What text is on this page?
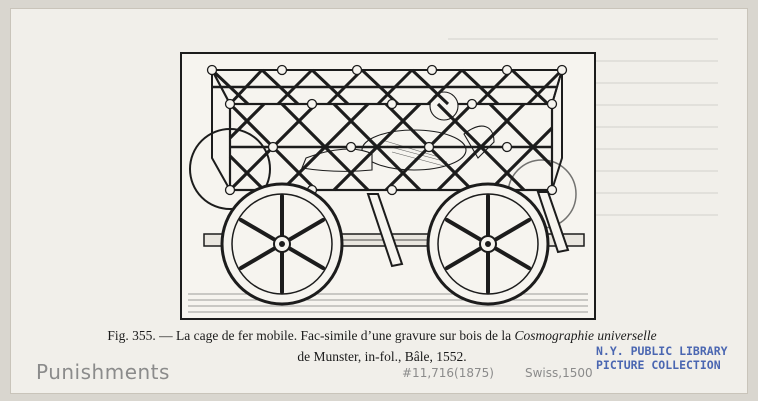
Fig. 355. — La cage de fer mobile. Fac-simile d’une gravure sur bois de la Cosmographie universelle
de Munster, in-fol., Bâle, 1552.	N.Y. PUBLIC LIBRARY
PICTURE COLLECTION
Punishments	#11,716(1875)	Swiss,1500
